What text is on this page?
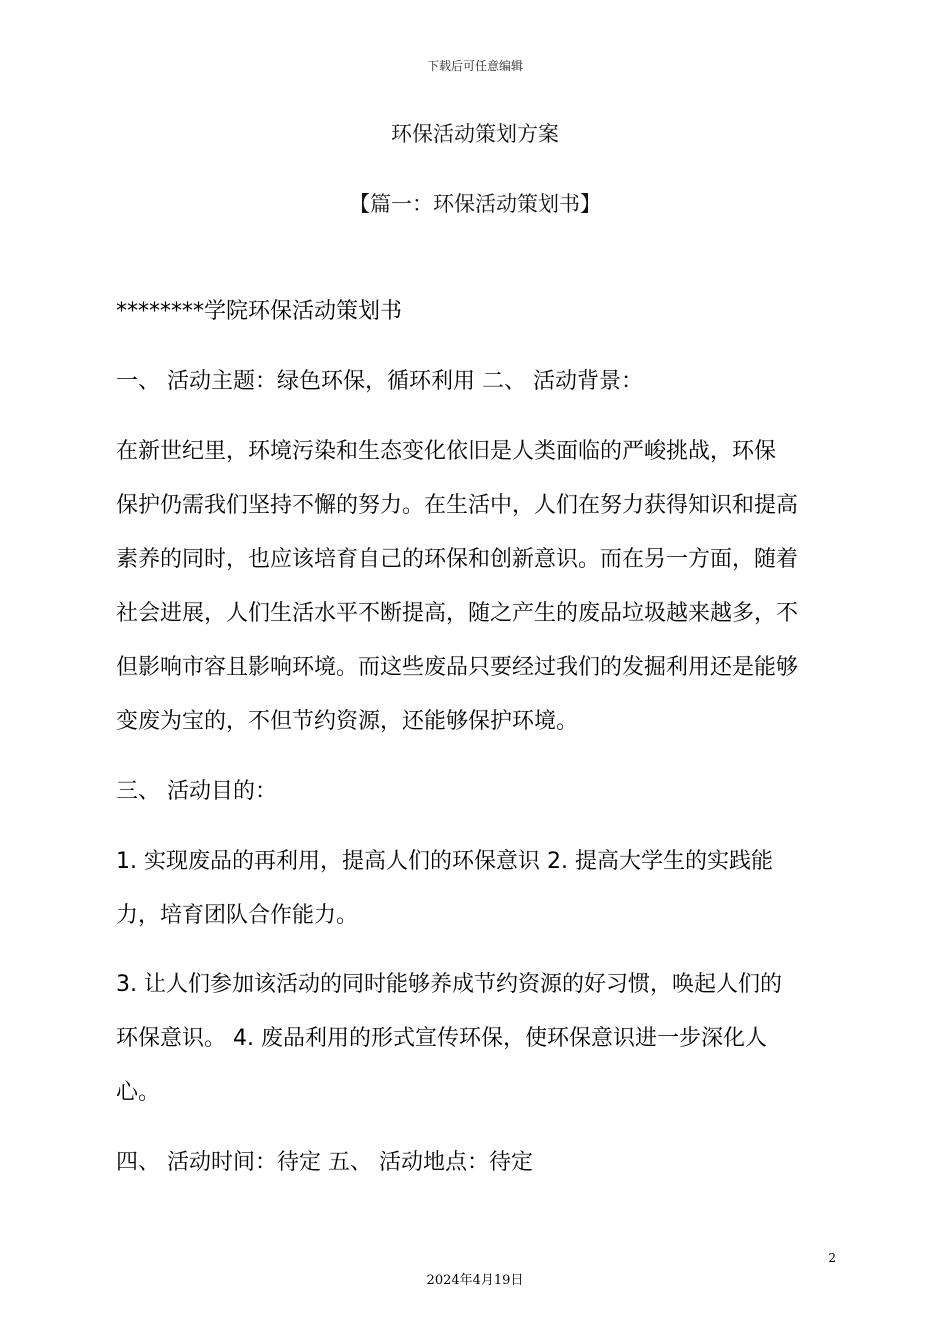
下载后可任意编辑
环保活动策划方案
【篇一：环保活动策划书】
********学院环保活动策划书
一、 活动主题：绿色环保，循环利用 二、 活动背景：
在新世纪里，环境污染和生态变化依旧是人类面临的严峻挑战，环保
保护仍需我们坚持不懈的努力。在生活中，人们在努力获得知识和提高
素养的同时，也应该培育自己的环保和创新意识。而在另一方面，随着
社会进展，人们生活水平不断提高，随之产生的废品垃圾越来越多，不
但影响市容且影响环境。而这些废品只要经过我们的发掘利用还是能够
变废为宝的，不但节约资源，还能够保护环境。
三、 活动目的：
1. 实现废品的再利用，提高人们的环保意识 2. 提高大学生的实践能
力，培育团队合作能力。
3. 让人们参加该活动的同时能够养成节约资源的好习惯，唤起人们的
环保意识。 4. 废品利用的形式宣传环保，使环保意识进一步深化人
心。
四、 活动时间：待定 五、 活动地点：待定
2
2024年4月19日
